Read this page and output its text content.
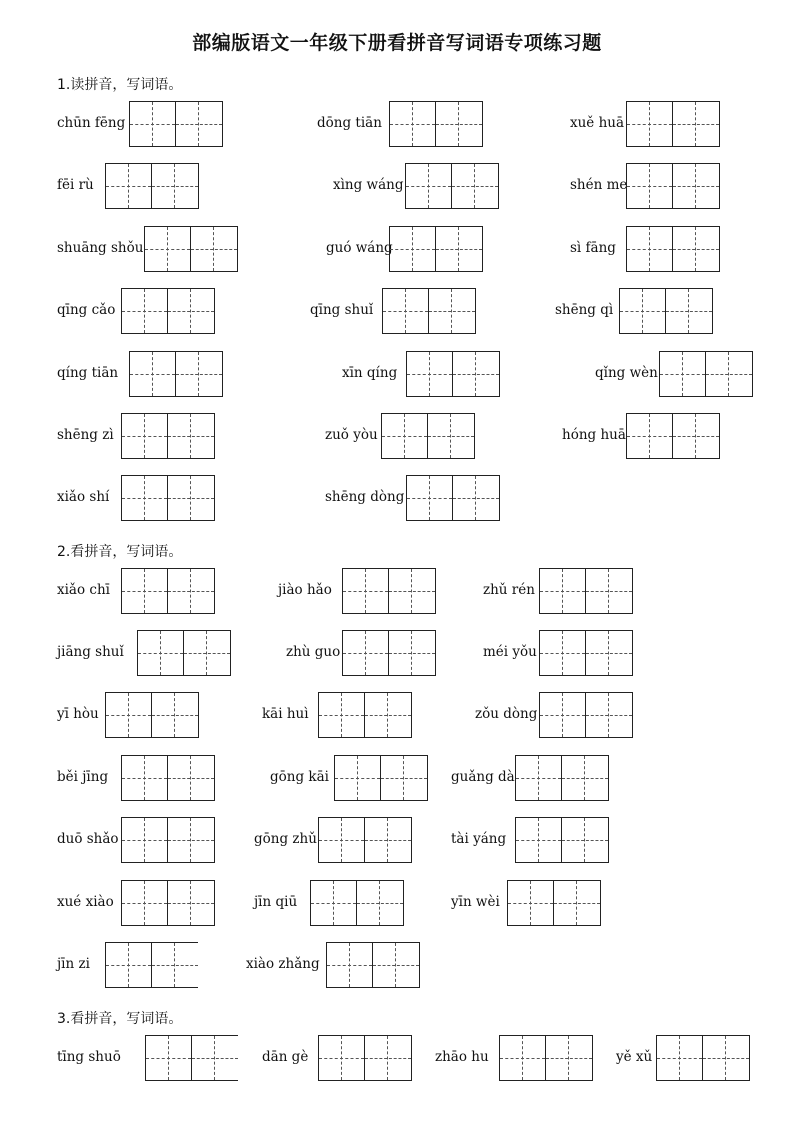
部编版语文一年级下册看拼音写词语专项练习题
1.读拼音，写词语。
2.看拼音，写词语。
3.看拼音，写词语。
chūn fēng	dōng tiān	xuě huā
fēi rù	xìng wáng	shén me
shuāng shǒu	guó wáng	sì fāng
qīng cǎo	qīng shuǐ	shēng qì
qíng tiān	xīn qíng	qǐng wèn
shēng zì	zuǒ yòu	hóng huā
xiǎo shí	shēng dòng
xiǎo chī	jiào hǎo	zhǔ rén
jiāng shuǐ	zhù guo	méi yǒu
yī hòu	kāi huì	zǒu dòng
běi jīng	gōng kāi	guǎng dà
duō shǎo	gōng zhǔ	tài yáng
xué xiào	jīn qiū	yīn wèi
jīn zi	xiào zhǎng
tīng shuō	dān gè	zhāo hu	yě xǔ
